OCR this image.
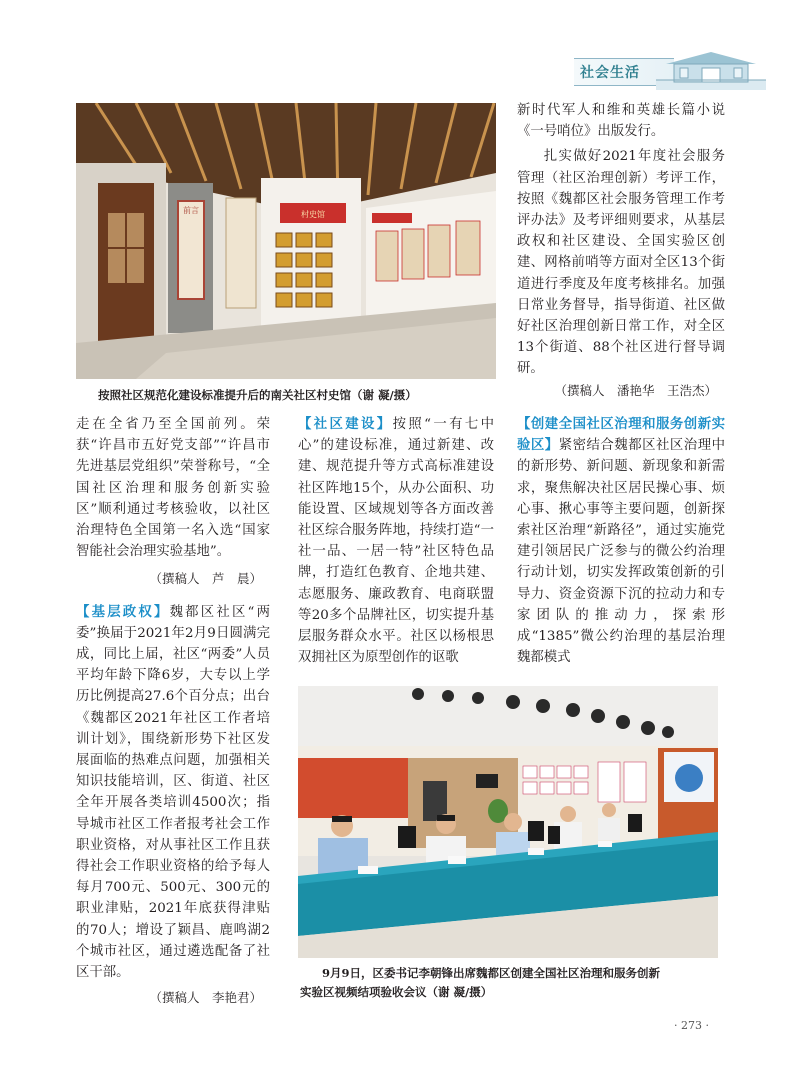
社会生活
前言	村史馆
按照社区规范化建设标准提升后的南关社区村史馆（谢 凝/摄）

新时代军人和维和英雄长篇小说《一号哨位》出版发行。

扎实做好2021年度社会服务管理（社区治理创新）考评工作，按照《魏都区社会服务管理工作考评办法》及考评细则要求，从基层政权和社区建设、全国实验区创建、网格前哨等方面对全区13个街道进行季度及年度考核排名。加强日常业务督导，指导街道、社区做好社区治理创新日常工作，对全区13个街道、88个社区进行督导调研。

（撰稿人　潘艳华　王浩杰）

走在全省乃至全国前列。荣获“许昌市五好党支部”“许昌市先进基层党组织”荣誉称号，“全国社区治理和服务创新实验区”顺利通过考核验收，以社区治理特色全国第一名入选“国家智能社会治理实验基地”。

（撰稿人　芦　晨）

【基层政权】魏都区社区“两委”换届于2021年2月9日圆满完成，同比上届，社区“两委”人员平均年龄下降6岁，大专以上学历比例提高27.6个百分点；出台《魏都区2021年社区工作者培训计划》，围绕新形势下社区发展面临的热难点问题，加强相关知识技能培训，区、街道、社区全年开展各类培训4500次；指导城市社区工作者报考社会工作职业资格，对从事社区工作且获得社会工作职业资格的给予每人每月700元、500元、300元的职业津贴，2021年底获得津贴的70人；增设了颖昌、鹿鸣湖2个城市社区，通过遴选配备了社区干部。

（撰稿人　李艳君）

【社区建设】按照“一有七中心”的建设标准，通过新建、改建、规范提升等方式高标准建设社区阵地15个，从办公面积、功能设置、区域规划等各方面改善社区综合服务阵地，持续打造“一社一品、一居一特”社区特色品牌，打造红色教育、企地共建、志愿服务、廉政教育、电商联盟等20多个品牌社区，切实提升基层服务群众水平。社区以杨根思双拥社区为原型创作的讴歌

【创建全国社区治理和服务创新实验区】紧密结合魏都区社区治理中的新形势、新问题、新现象和新需求，聚焦解决社区居民操心事、烦心事、揪心事等主要问题，创新探索社区治理“新路径”，通过实施党建引领居民广泛参与的微公约治理行动计划，切实发挥政策创新的引导力、资金资源下沉的拉动力和专家团队的推动力，探索形成“1385”微公约治理的基层治理魏都模式

9月9日，区委书记李朝锋出席魏都区创建全国社区治理和服务创新
实验区视频结项验收会议（谢 凝/摄）
· 273 ·
